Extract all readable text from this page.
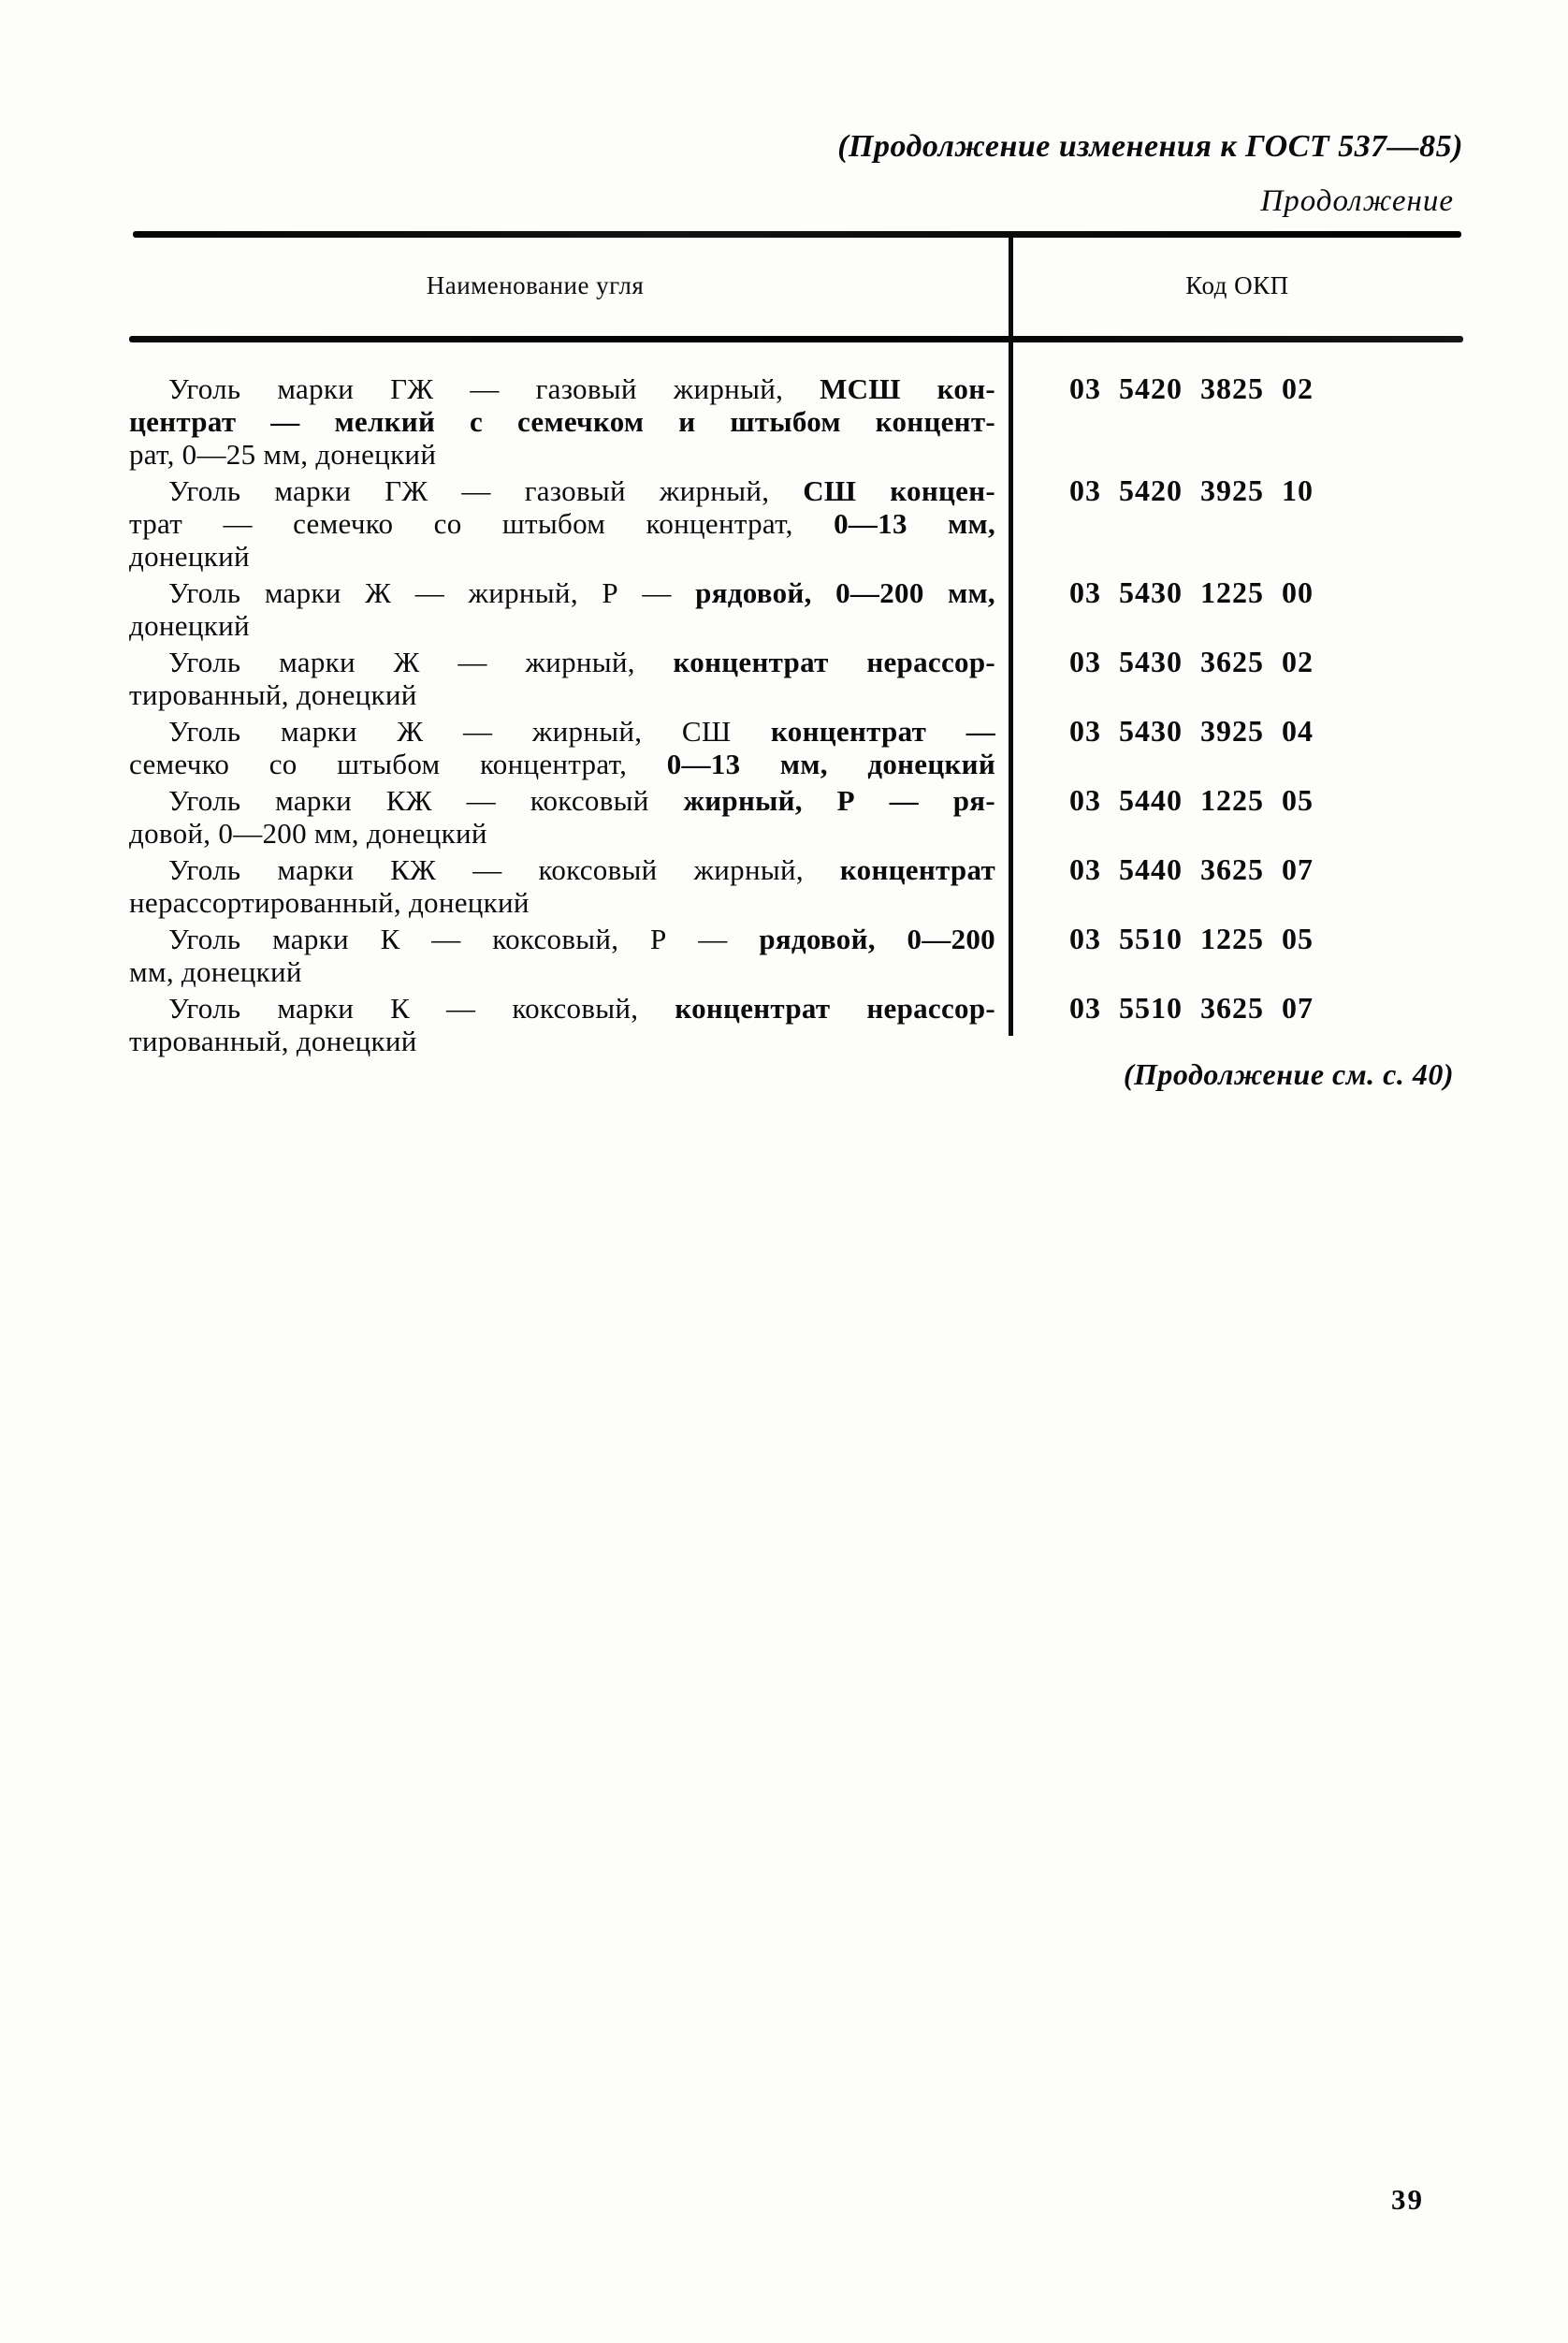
(Продолжение изменения к ГОСТ 537—85)
Продолжение
Наименование угля	Код ОКП
Уголь марки ГЖ — газовый жирный, МСШ кон-
центрат — мелкий с семечком и штыбом концент-
рат, 0—25 мм, донецкий
03 5420 3825 02
Уголь марки ГЖ — газовый жирный, СШ концен-
трат — семечко со штыбом концентрат, 0—13 мм,
донецкий
03 5420 3925 10
Уголь марки Ж — жирный, Р — рядовой, 0—200 мм,
донецкий
03 5430 1225 00
Уголь марки Ж — жирный, концентрат нерассор-
тированный, донецкий
03 5430 3625 02
Уголь марки Ж — жирный, СШ концентрат —
семечко со штыбом концентрат, 0—13 мм, донецкий
03 5430 3925 04
Уголь марки КЖ — коксовый жирный, Р — ря-
довой, 0—200 мм, донецкий
03 5440 1225 05
Уголь марки КЖ — коксовый жирный, концентрат
нерассортированный, донецкий
03 5440 3625 07
Уголь марки К — коксовый, Р — рядовой, 0—200
мм, донецкий
03 5510 1225 05
Уголь марки К — коксовый, концентрат нерассор-
тированный, донецкий
03 5510 3625 07
(Продолжение см. с. 40)
39
